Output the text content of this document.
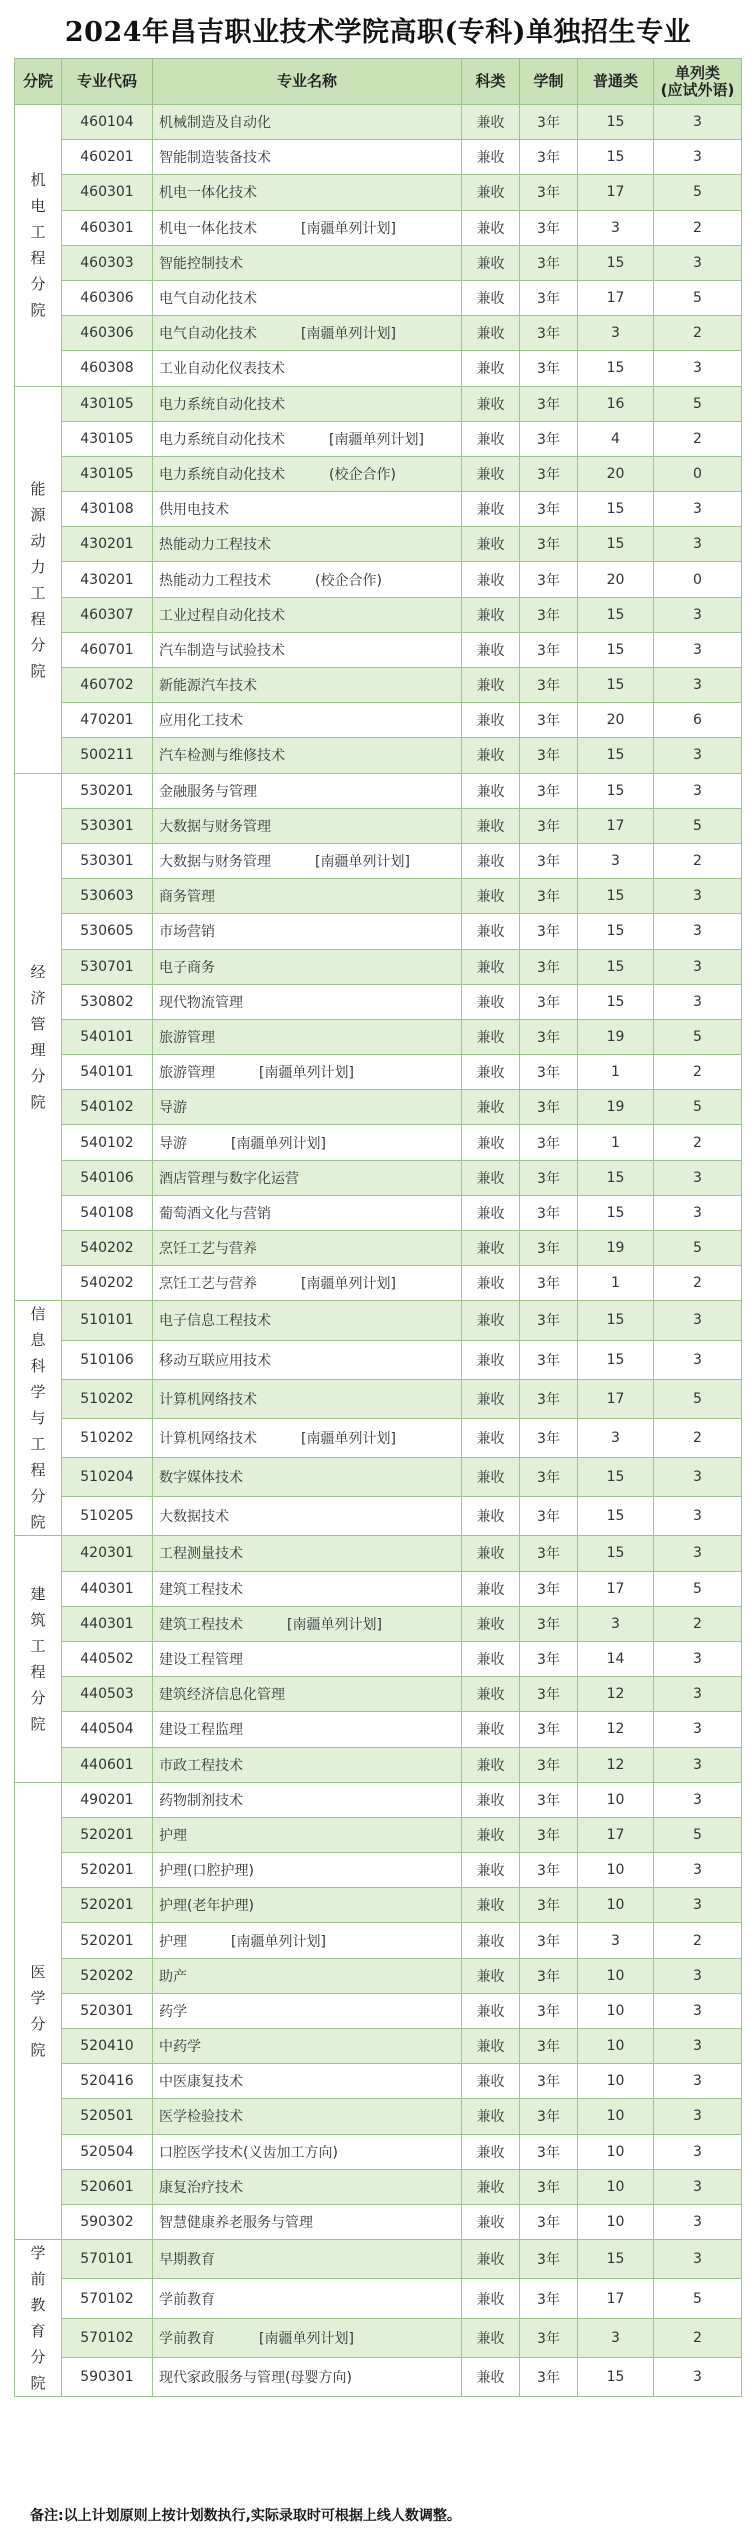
2024年昌吉职业技术学院高职(专科)单独招生专业
分院	专业代码	专业名称	科类	学制	普通类	单列类
(应试外语)

机电工程分院	460104	机械制造及自动化	兼收	3年	15	3
	460201	智能制造装备技术	兼收	3年	15	3
	460301	机电一体化技术	兼收	3年	17	5
	460301	机电一体化技术 [南疆单列计划]	兼收	3年	3	2
	460303	智能控制技术	兼收	3年	15	3
	460306	电气自动化技术	兼收	3年	17	5
	460306	电气自动化技术 [南疆单列计划]	兼收	3年	3	2
	460308	工业自动化仪表技术	兼收	3年	15	3
能源动力工程分院	430105	电力系统自动化技术	兼收	3年	16	5
	430105	电力系统自动化技术 [南疆单列计划]	兼收	3年	4	2
	430105	电力系统自动化技术 (校企合作)	兼收	3年	20	0
	430108	供用电技术	兼收	3年	15	3
	430201	热能动力工程技术	兼收	3年	15	3
	430201	热能动力工程技术 (校企合作)	兼收	3年	20	0
	460307	工业过程自动化技术	兼收	3年	15	3
	460701	汽车制造与试验技术	兼收	3年	15	3
	460702	新能源汽车技术	兼收	3年	15	3
	470201	应用化工技术	兼收	3年	20	6
	500211	汽车检测与维修技术	兼收	3年	15	3
经济管理分院	530201	金融服务与管理	兼收	3年	15	3
	530301	大数据与财务管理	兼收	3年	17	5
	530301	大数据与财务管理 [南疆单列计划]	兼收	3年	3	2
	530603	商务管理	兼收	3年	15	3
	530605	市场营销	兼收	3年	15	3
	530701	电子商务	兼收	3年	15	3
	530802	现代物流管理	兼收	3年	15	3
	540101	旅游管理	兼收	3年	19	5
	540101	旅游管理 [南疆单列计划]	兼收	3年	1	2
	540102	导游	兼收	3年	19	5
	540102	导游 [南疆单列计划]	兼收	3年	1	2
	540106	酒店管理与数字化运营	兼收	3年	15	3
	540108	葡萄酒文化与营销	兼收	3年	15	3
	540202	烹饪工艺与营养	兼收	3年	19	5
	540202	烹饪工艺与营养 [南疆单列计划]	兼收	3年	1	2
信息科学与工程分院	510101	电子信息工程技术	兼收	3年	15	3
	510106	移动互联应用技术	兼收	3年	15	3
	510202	计算机网络技术	兼收	3年	17	5
	510202	计算机网络技术 [南疆单列计划]	兼收	3年	3	2
	510204	数字媒体技术	兼收	3年	15	3
	510205	大数据技术	兼收	3年	15	3
建筑工程分院	420301	工程测量技术	兼收	3年	15	3
	440301	建筑工程技术	兼收	3年	17	5
	440301	建筑工程技术 [南疆单列计划]	兼收	3年	3	2
	440502	建设工程管理	兼收	3年	14	3
	440503	建筑经济信息化管理	兼收	3年	12	3
	440504	建设工程监理	兼收	3年	12	3
	440601	市政工程技术	兼收	3年	12	3
医学分院	490201	药物制剂技术	兼收	3年	10	3
	520201	护理	兼收	3年	17	5
	520201	护理(口腔护理)	兼收	3年	10	3
	520201	护理(老年护理)	兼收	3年	10	3
	520201	护理 [南疆单列计划]	兼收	3年	3	2
	520202	助产	兼收	3年	10	3
	520301	药学	兼收	3年	10	3
	520410	中药学	兼收	3年	10	3
	520416	中医康复技术	兼收	3年	10	3
	520501	医学检验技术	兼收	3年	10	3
	520504	口腔医学技术(义齿加工方向)	兼收	3年	10	3
	520601	康复治疗技术	兼收	3年	10	3
	590302	智慧健康养老服务与管理	兼收	3年	10	3
学前教育分院	570101	早期教育	兼收	3年	15	3
	570102	学前教育	兼收	3年	17	5
	570102	学前教育 [南疆单列计划]	兼收	3年	3	2
	590301	现代家政服务与管理(母婴方向)	兼收	3年	15	3
备注:以上计划原则上按计划数执行,实际录取时可根据上线人数调整。
